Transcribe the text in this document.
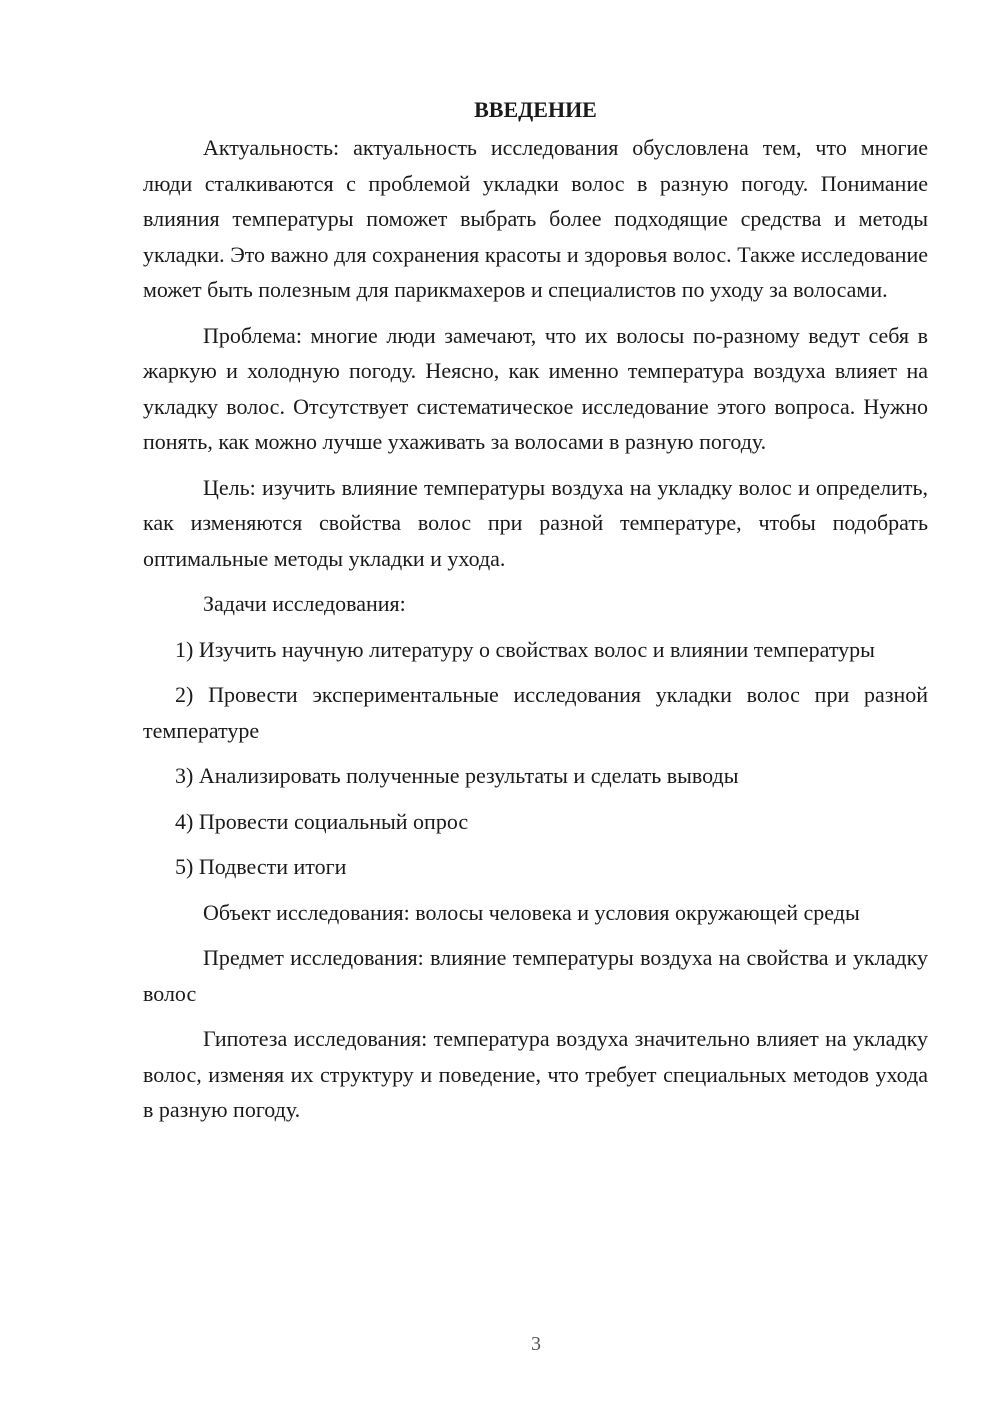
ВВЕДЕНИЕ

Актуальность: актуальность исследования обусловлена тем, что многие люди сталкиваются с проблемой укладки волос в разную погоду. Понимание влияния температуры поможет выбрать более подходящие средства и методы укладки. Это важно для сохранения красоты и здоровья волос. Также исследование может быть полезным для парикмахеров и специалистов по уходу за волосами.

Проблема: многие люди замечают, что их волосы по-разному ведут себя в жаркую и холодную погоду. Неясно, как именно температура воздуха влияет на укладку волос. Отсутствует систематическое исследование этого вопроса. Нужно понять, как можно лучше ухаживать за волосами в разную погоду.

Цель: изучить влияние температуры воздуха на укладку волос и определить, как изменяются свойства волос при разной температуре, чтобы подобрать оптимальные методы укладки и ухода.

Задачи исследования:

1) Изучить научную литературу о свойствах волос и влиянии температуры

2) Провести экспериментальные исследования укладки волос при разной температуре

3) Анализировать полученные результаты и сделать выводы

4) Провести социальный опрос

5) Подвести итоги

Объект исследования: волосы человека и условия окружающей среды

Предмет исследования: влияние температуры воздуха на свойства и укладку волос

Гипотеза исследования: температура воздуха значительно влияет на укладку волос, изменяя их структуру и поведение, что требует специальных методов ухода в разную погоду.

3
